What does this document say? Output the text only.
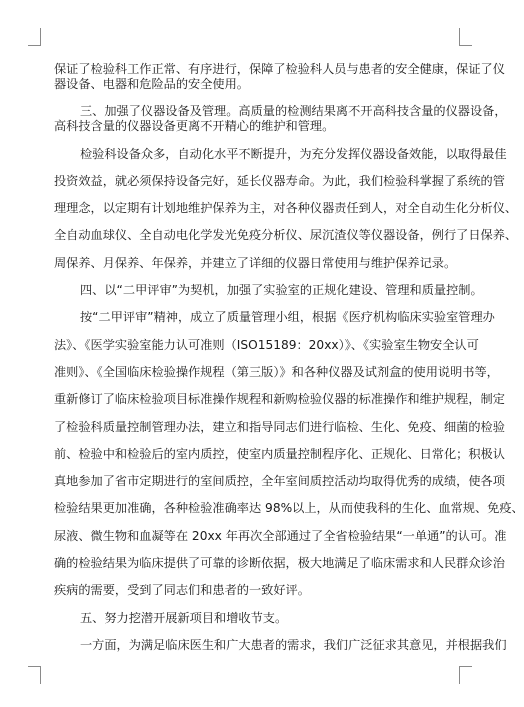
保证了检验科工作正常、有序进行，保障了检验科人员与患者的安全健康，保证了仪
器设备、电器和危险品的安全使用。
三、加强了仪器设备及管理。高质量的检测结果离不开高科技含量的仪器设备，
高科技含量的仪器设备更离不开精心的维护和管理。
检验科设备众多，自动化水平不断提升，为充分发挥仪器设备效能，以取得最佳
投资效益，就必须保持设备完好，延长仪器寿命。为此，我们检验科掌握了系统的管
理理念，以定期有计划地维护保养为主，对各种仪器责任到人，对全自动生化分析仪、
全自动血球仪、全自动电化学发光免疫分析仪、尿沉渣仪等仪器设备，例行了日保养、
周保养、月保养、年保养，并建立了详细的仪器日常使用与维护保养记录。
四、以“二甲评审”为契机，加强了实验室的正规化建设、管理和质量控制。
按“二甲评审”精神，成立了质量管理小组，根据《医疗机构临床实验室管理办
法》、《医学实验室能力认可准则（ISO15189：20xx）》、《实验室生物安全认可
准则》、《全国临床检验操作规程（第三版）》和各种仪器及试剂盒的使用说明书等，
重新修订了临床检验项目标准操作规程和新购检验仪器的标准操作和维护规程，制定
了检验科质量控制管理办法，建立和指导同志们进行临检、生化、免疫、细菌的检验
前、检验中和检验后的室内质控，使室内质量控制程序化、正规化、日常化；积极认
真地参加了省市定期进行的室间质控，全年室间质控活动均取得优秀的成绩，使各项
检验结果更加准确，各种检验准确率达 98%以上，从而使我科的生化、血常规、免疫、
尿液、微生物和血凝等在 20xx 年再次全部通过了全省检验结果“一单通”的认可。准
确的检验结果为临床提供了可靠的诊断依据，极大地满足了临床需求和人民群众诊治
疾病的需要，受到了同志们和患者的一致好评。
五、努力挖潜开展新项目和增收节支。
一方面，为满足临床医生和广大患者的需求，我们广泛征求其意见，并根据我们
